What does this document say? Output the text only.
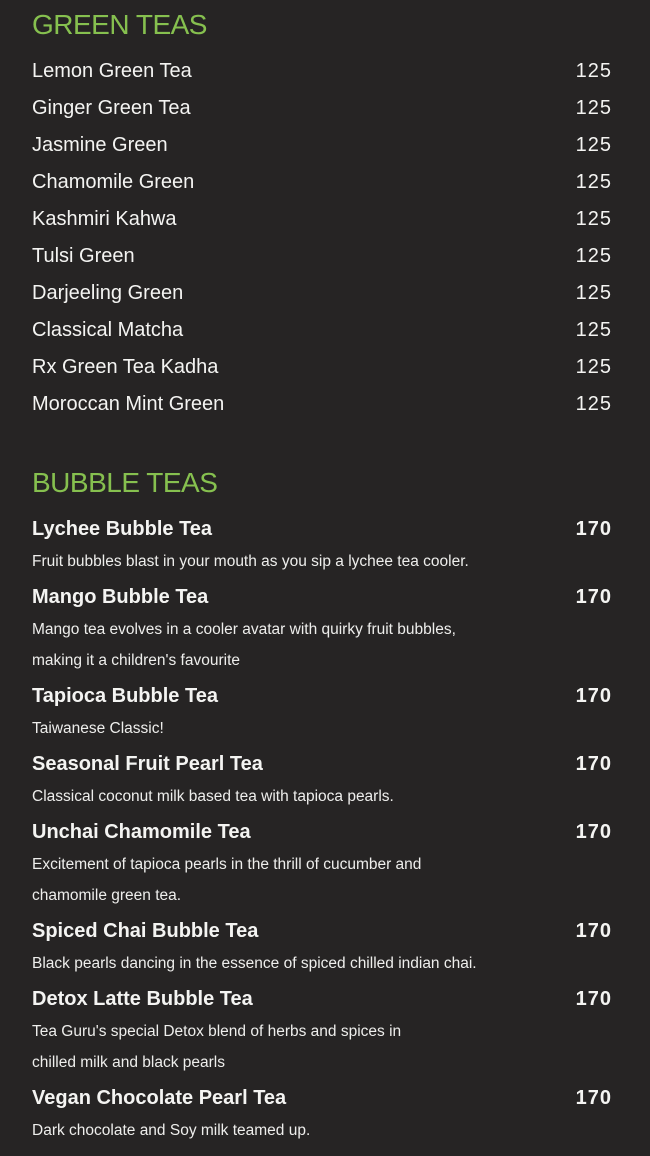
GREEN TEAS
Lemon Green Tea	125
Ginger Green Tea	125
Jasmine Green	125
Chamomile Green	125
Kashmiri Kahwa	125
Tulsi Green	125
Darjeeling Green	125
Classical Matcha	125
Rx Green Tea Kadha	125
Moroccan Mint Green	125
BUBBLE TEAS
Lychee Bubble Tea	170
Fruit bubbles blast in your mouth as you sip a lychee tea cooler.
Mango Bubble Tea	170
Mango tea evolves in a cooler avatar with quirky fruit bubbles,
making it a children's favourite
Tapioca Bubble Tea	170
Taiwanese Classic!
Seasonal Fruit Pearl Tea	170
Classical coconut milk based tea with tapioca pearls.
Unchai Chamomile Tea	170
Excitement of tapioca pearls in the thrill of cucumber and
chamomile green tea.
Spiced Chai Bubble Tea	170
Black pearls dancing in the essence of spiced chilled indian chai.
Detox Latte Bubble Tea	170
Tea Guru's special Detox blend of herbs and spices in
chilled milk and black pearls
Vegan Chocolate Pearl Tea	170
Dark chocolate and Soy milk teamed up.
